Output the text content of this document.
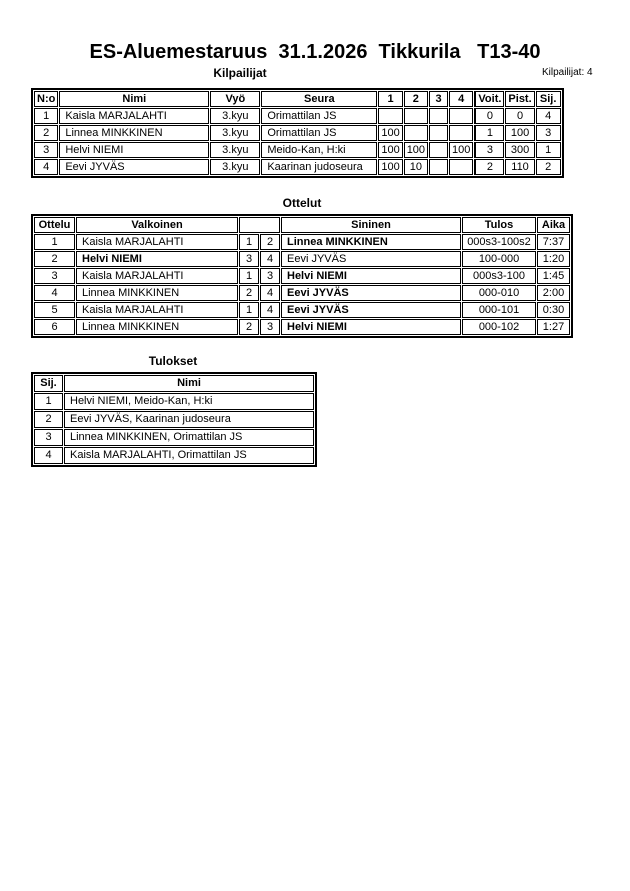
ES-Aluemestaruus  31.1.2026  Tikkurila   T13-40
Kilpailijat	Kilpailijat: 4
N:o	Nimi	Vyö	Seura	1	2	3	4	Voit.	Pist.	Sij.
1	Kaisla MARJALAHTI	3.kyu	Orimattilan JS					0	0	4
2	Linnea MINKKINEN	3.kyu	Orimattilan JS	100				1	100	3
3	Helvi NIEMI	3.kyu	Meido-Kan, H:ki	100	100		100	3	300	1
4	Eevi JYVÄS	3.kyu	Kaarinan judoseura	100	10			2	110	2
Ottelut
Ottelu	Valkoinen			Sininen	Tulos	Aika
1	Kaisla MARJALAHTI	1	2	Linnea MINKKINEN	000s3-100s2	7:37
2	Helvi NIEMI	3	4	Eevi JYVÄS	100-000	1:20
3	Kaisla MARJALAHTI	1	3	Helvi NIEMI	000s3-100	1:45
4	Linnea MINKKINEN	2	4	Eevi JYVÄS	000-010	2:00
5	Kaisla MARJALAHTI	1	4	Eevi JYVÄS	000-101	0:30
6	Linnea MINKKINEN	2	3	Helvi NIEMI	000-102	1:27
Tulokset
Sij.	Nimi
1	Helvi NIEMI, Meido-Kan, H:ki
2	Eevi JYVÄS, Kaarinan judoseura
3	Linnea MINKKINEN, Orimattilan JS
4	Kaisla MARJALAHTI, Orimattilan JS
